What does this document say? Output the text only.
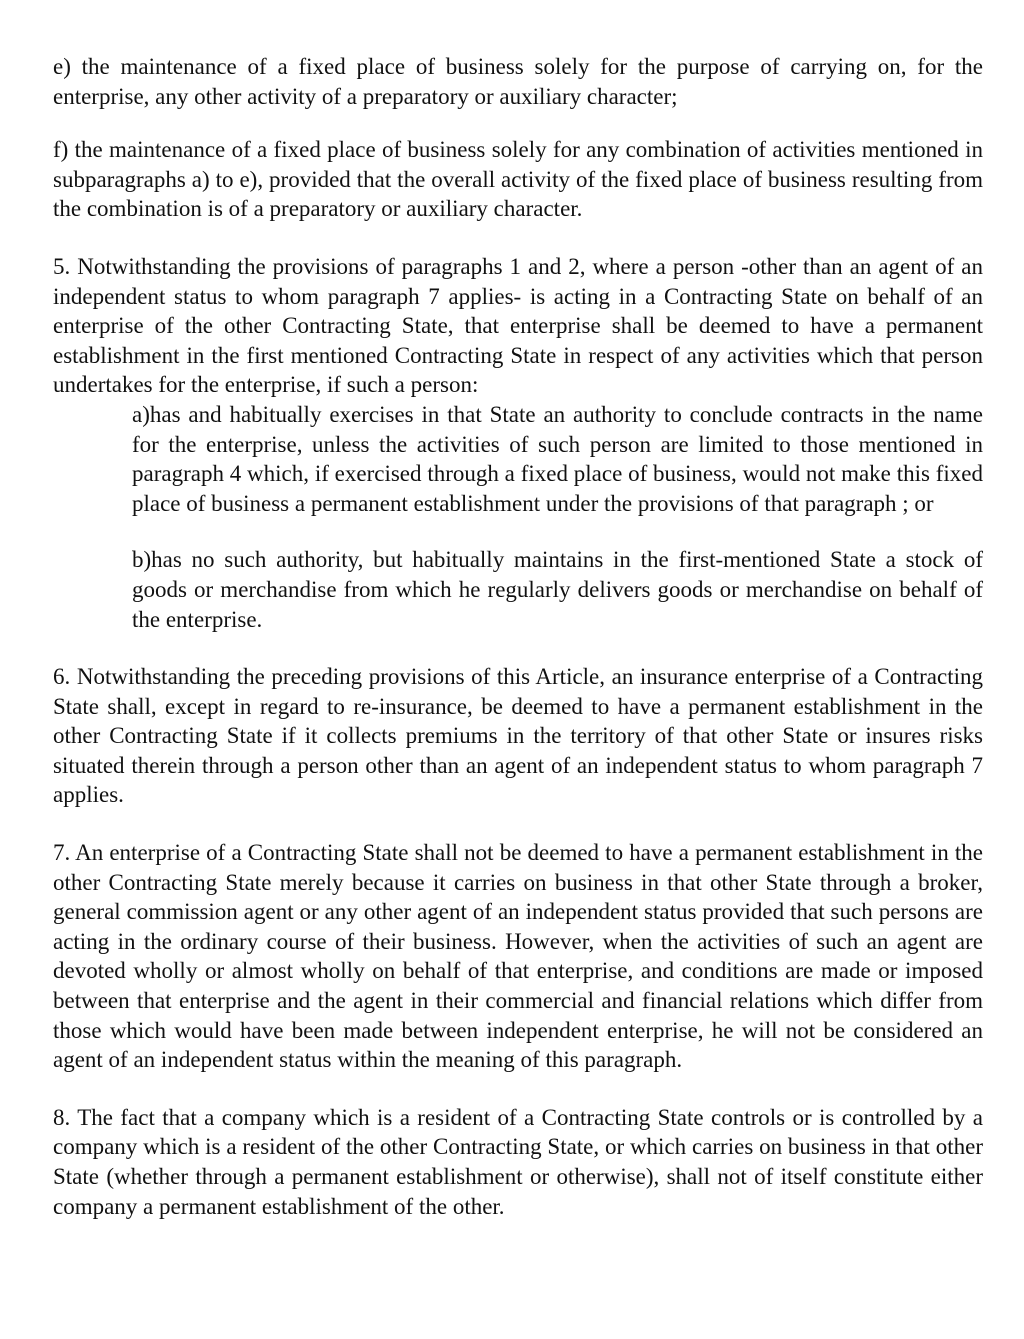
e) the maintenance of a fixed place of business solely for the purpose of carrying on, for the enterprise, any other activity of a preparatory or auxiliary character;

f) the maintenance of a fixed place of business solely for any combination of activities mentioned in subparagraphs a) to e), provided that the overall activity of the fixed place of business resulting from the combination is of a preparatory or auxiliary character.

5. Notwithstanding the provisions of paragraphs 1 and 2, where a person -other than an agent of an independent status to whom paragraph 7 applies- is acting in a Contracting State on behalf of an enterprise of the other Contracting State, that enterprise shall be deemed to have a permanent establishment in the first mentioned Contracting State in respect of any activities which that person undertakes for the enterprise, if such a person:

a)has and habitually exercises in that State an authority to conclude contracts in the name for the enterprise, unless the activities of such person are limited to those mentioned in paragraph 4 which, if exercised through a fixed place of business, would not make this fixed place of business a permanent establishment under the provisions of that paragraph ; or

b)has no such authority, but habitually maintains in the first-mentioned State a stock of goods or merchandise from which he regularly delivers goods or merchandise on behalf of the enterprise.

6. Notwithstanding the preceding provisions of this Article, an insurance enterprise of a Contracting State shall, except in regard to re-insurance, be deemed to have a permanent establishment in the other Contracting State if it collects premiums in the territory of that other State or insures risks situated therein through a person other than an agent of an independent status to whom paragraph 7 applies.

7. An enterprise of a Contracting State shall not be deemed to have a permanent establishment in the other Contracting State merely because it carries on business in that other State through a broker, general commission agent or any other agent of an independent status provided that such persons are acting in the ordinary course of their business. However, when the activities of such an agent are devoted wholly or almost wholly on behalf of that enterprise, and conditions are made or imposed between that enterprise and the agent in their commercial and financial relations which differ from those which would have been made between independent enterprise, he will not be considered an agent of an independent status within the meaning of this paragraph.

8. The fact that a company which is a resident of a Contracting State controls or is controlled by a company which is a resident of the other Contracting State, or which carries on business in that other State (whether through a permanent establishment or otherwise), shall not of itself constitute either company a permanent establishment of the other.
